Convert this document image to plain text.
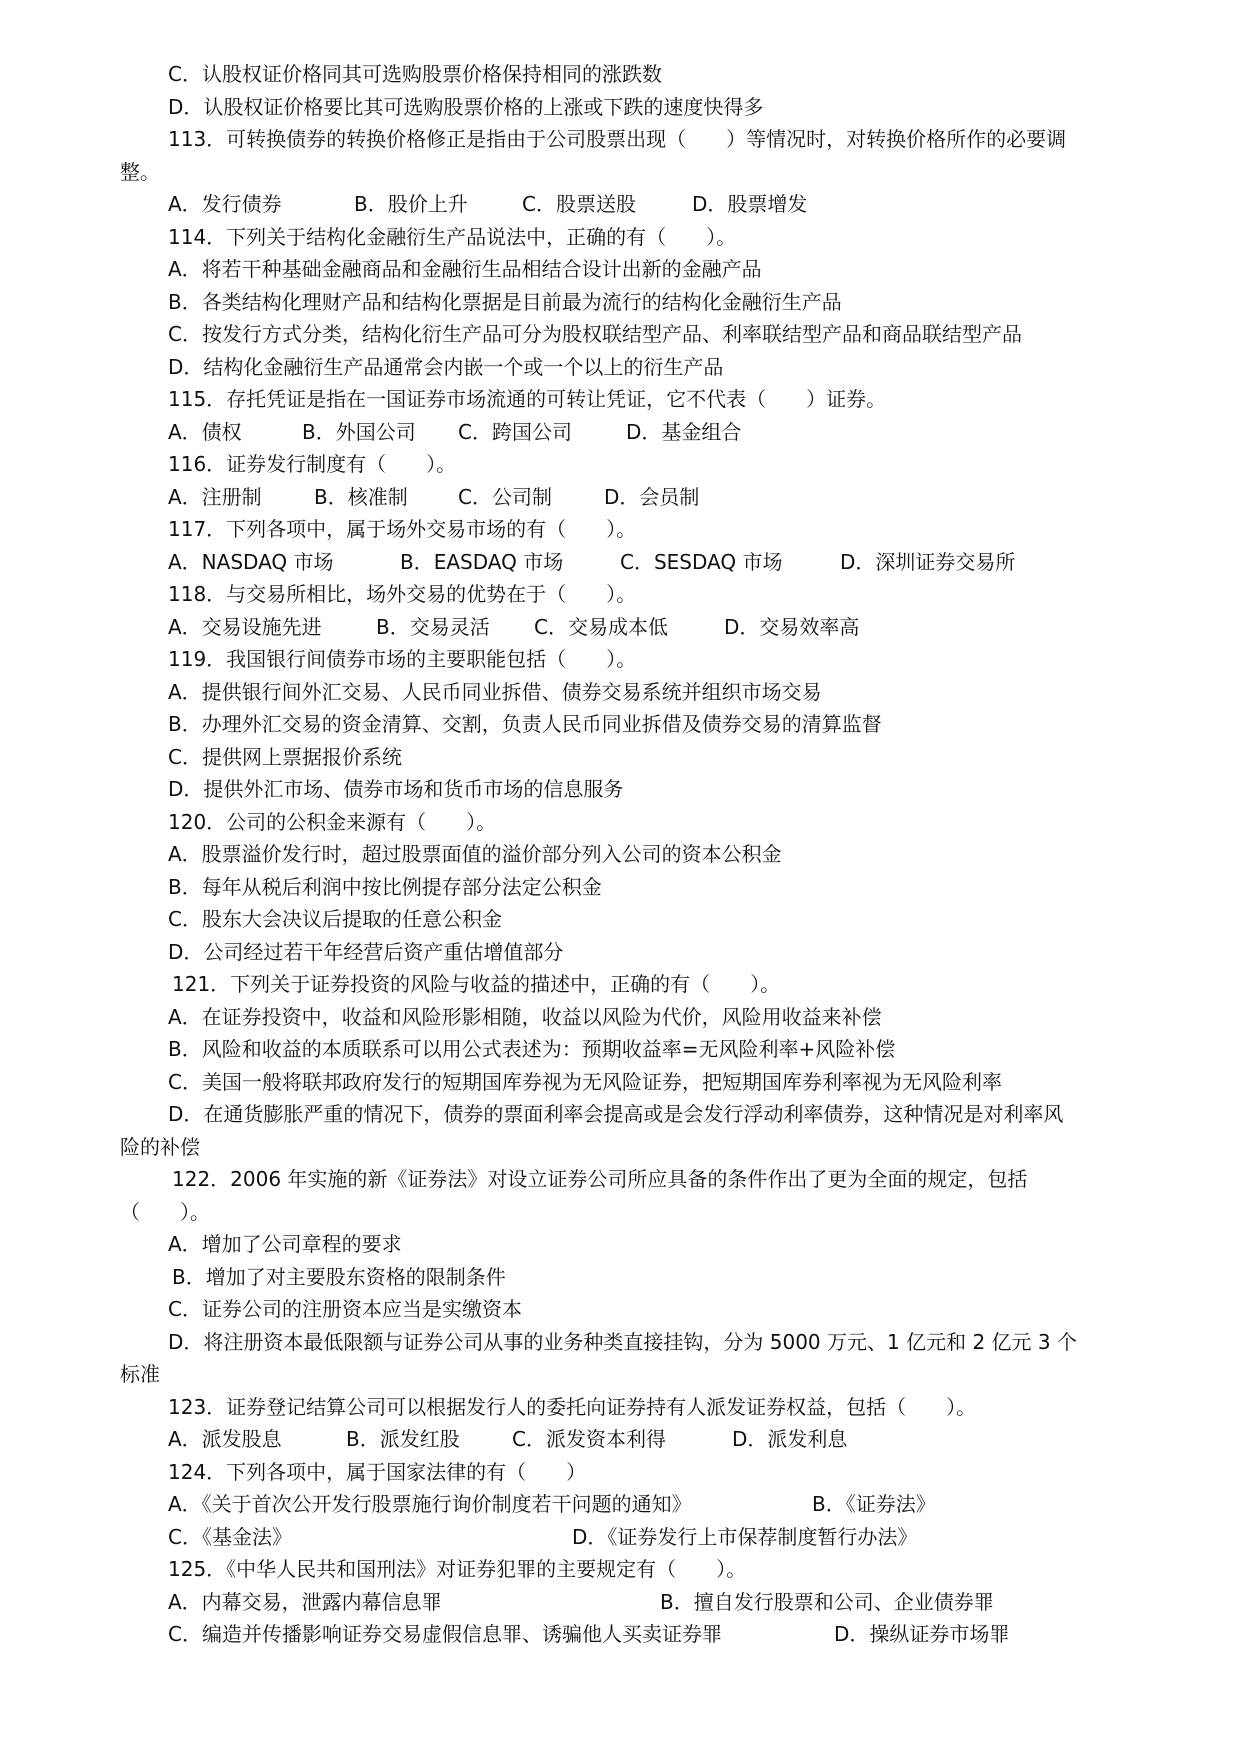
C．认股权证价格同其可选购股票价格保持相同的涨跌数
D．认股权证价格要比其可选购股票价格的上涨或下跌的速度快得多
113．可转换债券的转换价格修正是指由于公司股票出现（　　）等情况时，对转换价格所作的必要调
整。

A．发行债券

	B．股价上升

	C．股票送股

	D．股票增发

114．下列关于结构化金融衍生产品说法中，正确的有（　　）。
A．将若干种基础金融商品和金融衍生品相结合设计出新的金融产品
B．各类结构化理财产品和结构化票据是目前最为流行的结构化金融衍生产品
C．按发行方式分类，结构化衍生产品可分为股权联结型产品、利率联结型产品和商品联结型产品
D．结构化金融衍生产品通常会内嵌一个或一个以上的衍生产品
115．存托凭证是指在一国证券市场流通的可转让凭证，它不代表（　　）证券。

A．债权

	B．外国公司

C．跨国公司

	D．基金组合

116．证券发行制度有（　　）。

A．注册制

	B．核准制

	C．公司制

	D．会员制

117．下列各项中，属于场外交易市场的有（　　）。

A．NASDAQ 市场

	B．EASDAQ 市场

	C．SESDAQ 市场

	D．深圳证券交易所

118．与交易所相比，场外交易的优势在于（　　）。

A．交易设施先进

	B．交易灵活

C．交易成本低

	D．交易效率高

119．我国银行间债券市场的主要职能包括（　　）。
A．提供银行间外汇交易、人民币同业拆借、债券交易系统并组织市场交易
B．办理外汇交易的资金清算、交割，负责人民币同业拆借及债券交易的清算监督
C．提供网上票据报价系统
D．提供外汇市场、债券市场和货币市场的信息服务
120．公司的公积金来源有（　　）。
A．股票溢价发行时，超过股票面值的溢价部分列入公司的资本公积金
B．每年从税后利润中按比例提存部分法定公积金
C．股东大会决议后提取的任意公积金
D．公司经过若干年经营后资产重估增值部分
121．下列关于证券投资的风险与收益的描述中，正确的有（　　）。
A．在证券投资中，收益和风险形影相随，收益以风险为代价，风险用收益来补偿
B．风险和收益的本质联系可以用公式表述为：预期收益率=无风险利率+风险补偿
C．美国一般将联邦政府发行的短期国库券视为无风险证券，把短期国库券利率视为无风险利率
D．在通货膨胀严重的情况下，债券的票面利率会提高或是会发行浮动利率债券，这种情况是对利率风
险的补偿
122．2006 年实施的新《证券法》对设立证券公司所应具备的条件作出了更为全面的规定，包括
（　　）。
A．增加了公司章程的要求
B．增加了对主要股东资格的限制条件
C．证券公司的注册资本应当是实缴资本
D．将注册资本最低限额与证券公司从事的业务种类直接挂钩，分为 5000 万元、1 亿元和 2 亿元 3 个
标准
123．证券登记结算公司可以根据发行人的委托向证券持有人派发证券权益，包括（　　）。

A．派发股息

	B．派发红股

	C．派发资本利得

	D．派发利息

124．下列各项中，属于国家法律的有（　　）

A．《关于首次公开发行股票施行询价制度若干问题的通知》

	B．《证券法》

C．《基金法》

	D．《证券发行上市保荐制度暂行办法》

125．《中华人民共和国刑法》对证券犯罪的主要规定有（　　）。

A．内幕交易，泄露内幕信息罪

	B．擅自发行股票和公司、企业债券罪

C．编造并传播影响证券交易虚假信息罪、诱骗他人买卖证券罪

	D．操纵证券市场罪
